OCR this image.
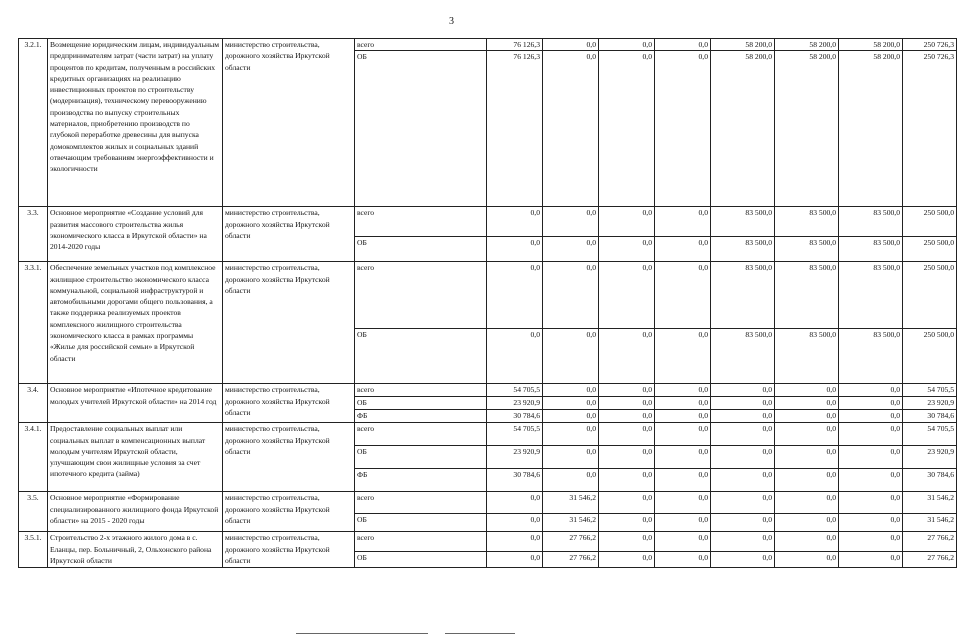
3
3.2.1.	Возмещение юридическим лицам, индивидуальным предпринимателям затрат (части затрат) на уплату процентов по кредитам, полученным в российских кредитных организациях на реализацию инвестиционных проектов по строительству (модернизация), техническому перевооружению производства по выпуску строительных материалов, приобретению производств по глубокой переработке древесины для выпуска домокомплектов жилых и социальных зданий отвечающим требованиям энергоэффективности и экологичности	министерство строительства, дорожного хозяйства Иркутской области	всего	76 126,3	0,0	0,0	0,0	58 200,0	58 200,0	58 200,0	250 726,3
			ОБ	76 126,3	0,0	0,0	0,0	58 200,0	58 200,0	58 200,0	250 726,3
3.3.	Основное мероприятие «Создание условий для развития массового строительства жилья экономического класса в Иркутской области» на 2014-2020 годы	министерство строительства, дорожного хозяйства Иркутской области	всего	0,0	0,0	0,0	0,0	83 500,0	83 500,0	83 500,0	250 500,0
			ОБ	0,0	0,0	0,0	0,0	83 500,0	83 500,0	83 500,0	250 500,0
3.3.1.	Обеспечение земельных участков под комплексное жилищное строительство экономического класса коммунальной, социальной инфраструктурой и автомобильными дорогами общего пользования, а также поддержка реализуемых проектов комплексного жилищного строительства экономического класса в рамках программы «Жилье для российской семьи» в Иркутской области	министерство строительства, дорожного хозяйства Иркутской области	всего	0,0	0,0	0,0	0,0	83 500,0	83 500,0	83 500,0	250 500,0
			ОБ	0,0	0,0	0,0	0,0	83 500,0	83 500,0	83 500,0	250 500,0
3.4.	Основное мероприятие «Ипотечное кредитование молодых учителей Иркутской области» на 2014 год	министерство строительства, дорожного хозяйства Иркутской области	всего	54 705,5	0,0	0,0	0,0	0,0	0,0	0,0	54 705,5
			ОБ	23 920,9	0,0	0,0	0,0	0,0	0,0	0,0	23 920,9
			ФБ	30 784,6	0,0	0,0	0,0	0,0	0,0	0,0	30 784,6
3.4.1.	Предоставление социальных выплат или социальных выплат в компенсационных выплат молодым учителям Иркутской области, улучшающим свои жилищные условия за счет ипотечного кредита (займа)	министерство строительства, дорожного хозяйства Иркутской области	всего	54 705,5	0,0	0,0	0,0	0,0	0,0	0,0	54 705,5
			ОБ	23 920,9	0,0	0,0	0,0	0,0	0,0	0,0	23 920,9
			ФБ	30 784,6	0,0	0,0	0,0	0,0	0,0	0,0	30 784,6
3.5.	Основное мероприятие «Формирование специализированного жилищного фонда Иркутской области» на 2015 - 2020 годы	министерство строительства, дорожного хозяйства Иркутской области	всего	0,0	31 546,2	0,0	0,0	0,0	0,0	0,0	31 546,2
			ОБ	0,0	31 546,2	0,0	0,0	0,0	0,0	0,0	31 546,2
3.5.1.	Строительство 2-х этажного жилого дома в с. Еланцы, пер. Больничный, 2, Ольхонского района Иркутской области	министерство строительства, дорожного хозяйства Иркутской области	всего	0,0	27 766,2	0,0	0,0	0,0	0,0	0,0	27 766,2
			ОБ	0,0	27 766,2	0,0	0,0	0,0	0,0	0,0	27 766,2
